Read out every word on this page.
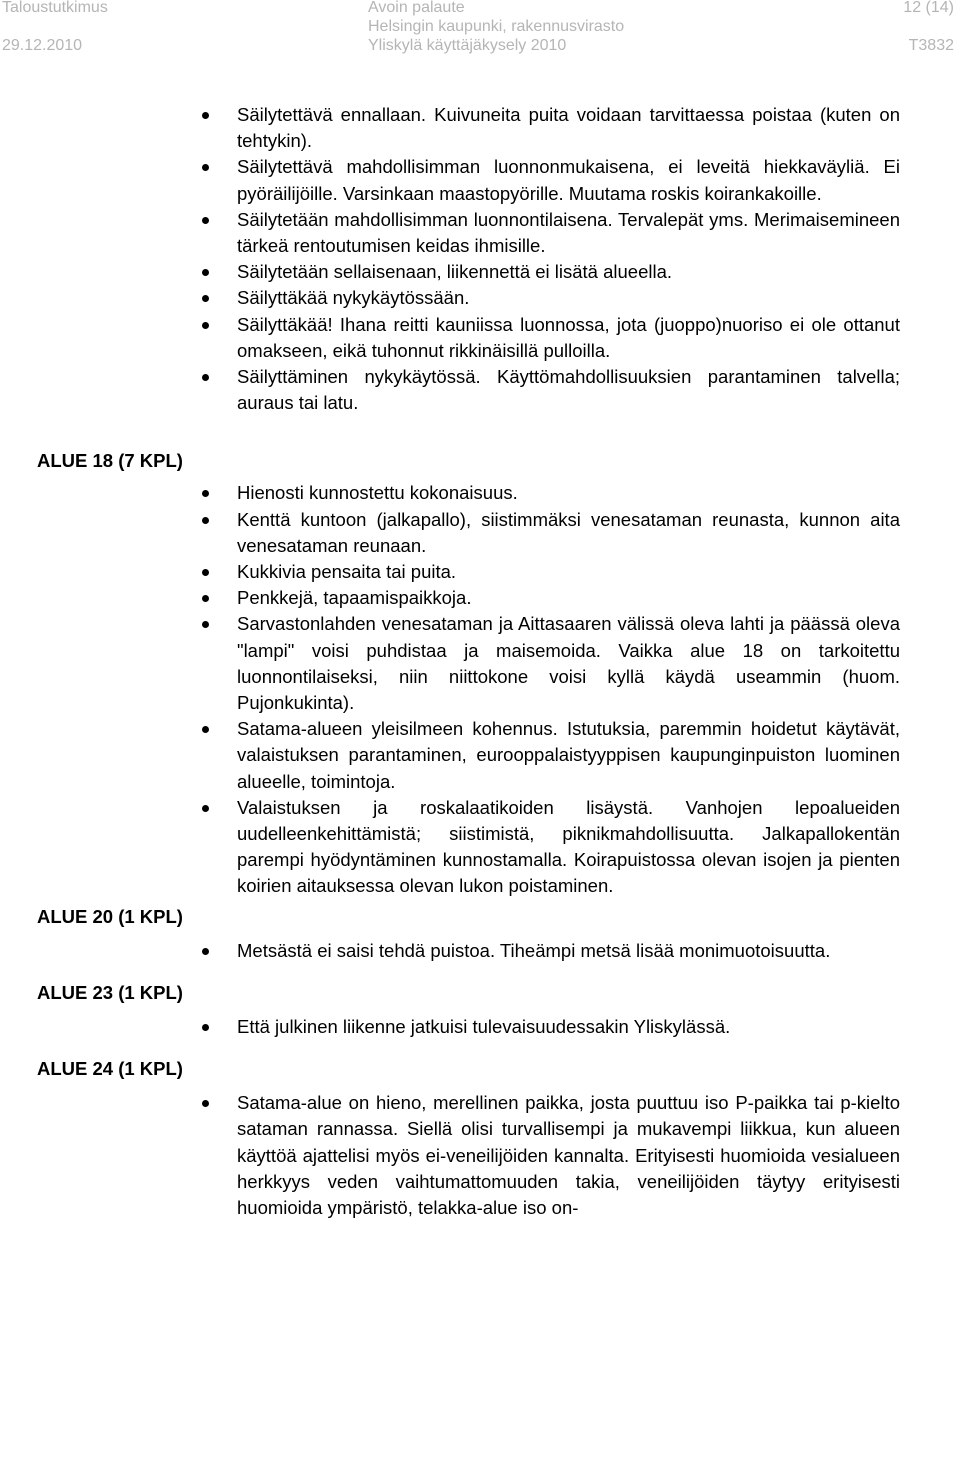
Taloustutkimus
29.12.2010
Avoin palaute
Helsingin kaupunki, rakennusvirasto
Yliskylä käyttäjäkysely 2010
12 (14)
T3832
Säilytettävä ennallaan. Kuivuneita puita voidaan tarvittaessa poistaa (kuten on tehtykin).
Säilytettävä mahdollisimman luonnonmukaisena, ei leveitä hiekkaväyliä. Ei pyöräilijöille. Varsinkaan maastopyörille. Muutama roskis koirankakoille.
Säilytetään mahdollisimman luonnontilaisena. Tervalepät yms. Merimaisemineen tärkeä rentoutumisen keidas ihmisille.
Säilytetään sellaisenaan, liikennettä ei lisätä alueella.
Säilyttäkää nykykäytössään.
Säilyttäkää! Ihana reitti kauniissa luonnossa, jota (juoppo)nuoriso ei ole ottanut omakseen, eikä tuhonnut rikkinäisillä pulloilla.
Säilyttäminen nykykäytössä. Käyttömahdollisuuksien parantaminen talvella; auraus tai latu.
ALUE 18 (7 KPL)
Hienosti kunnostettu kokonaisuus.
Kenttä kuntoon (jalkapallo), siistimmäksi venesataman reunasta, kunnon aita venesataman reunaan.
Kukkivia pensaita tai puita.
Penkkejä, tapaamispaikkoja.
Sarvastonlahden venesataman ja Aittasaaren välissä oleva lahti ja päässä oleva "lampi" voisi puhdistaa ja maisemoida. Vaikka alue 18 on tarkoitettu luonnontilaiseksi, niin niittokone voisi kyllä käydä useammin (huom. Pujonkukinta).
Satama-alueen yleisilmeen kohennus. Istutuksia, paremmin hoidetut käytävät, valaistuksen parantaminen, eurooppalaistyyppisen kaupunginpuiston luominen alueelle, toimintoja.
Valaistuksen ja roskalaatikoiden lisäystä. Vanhojen lepoalueiden uudelleenkehittämistä; siistimistä, piknikmahdollisuutta. Jalkapallokentän parempi hyödyntäminen kunnostamalla. Koirapuistossa olevan isojen ja pienten koirien aitauksessa olevan lukon poistaminen.
ALUE 20 (1 KPL)
Metsästä ei saisi tehdä puistoa. Tiheämpi metsä lisää monimuotoisuutta.
ALUE 23 (1 KPL)
Että julkinen liikenne jatkuisi tulevaisuudessakin Yliskylässä.
ALUE 24 (1 KPL)
Satama-alue on hieno, merellinen paikka, josta puuttuu iso P-paikka tai p-kielto sataman rannassa. Siellä olisi turvallisempi ja mukavempi liikkua, kun alueen käyttöä ajattelisi myös ei-veneilijöiden kannalta. Erityisesti huomioida vesialueen herkkyys veden vaihtumattomuuden takia, veneilijöiden täytyy erityisesti huomioida ympäristö, telakka-alue iso on-
